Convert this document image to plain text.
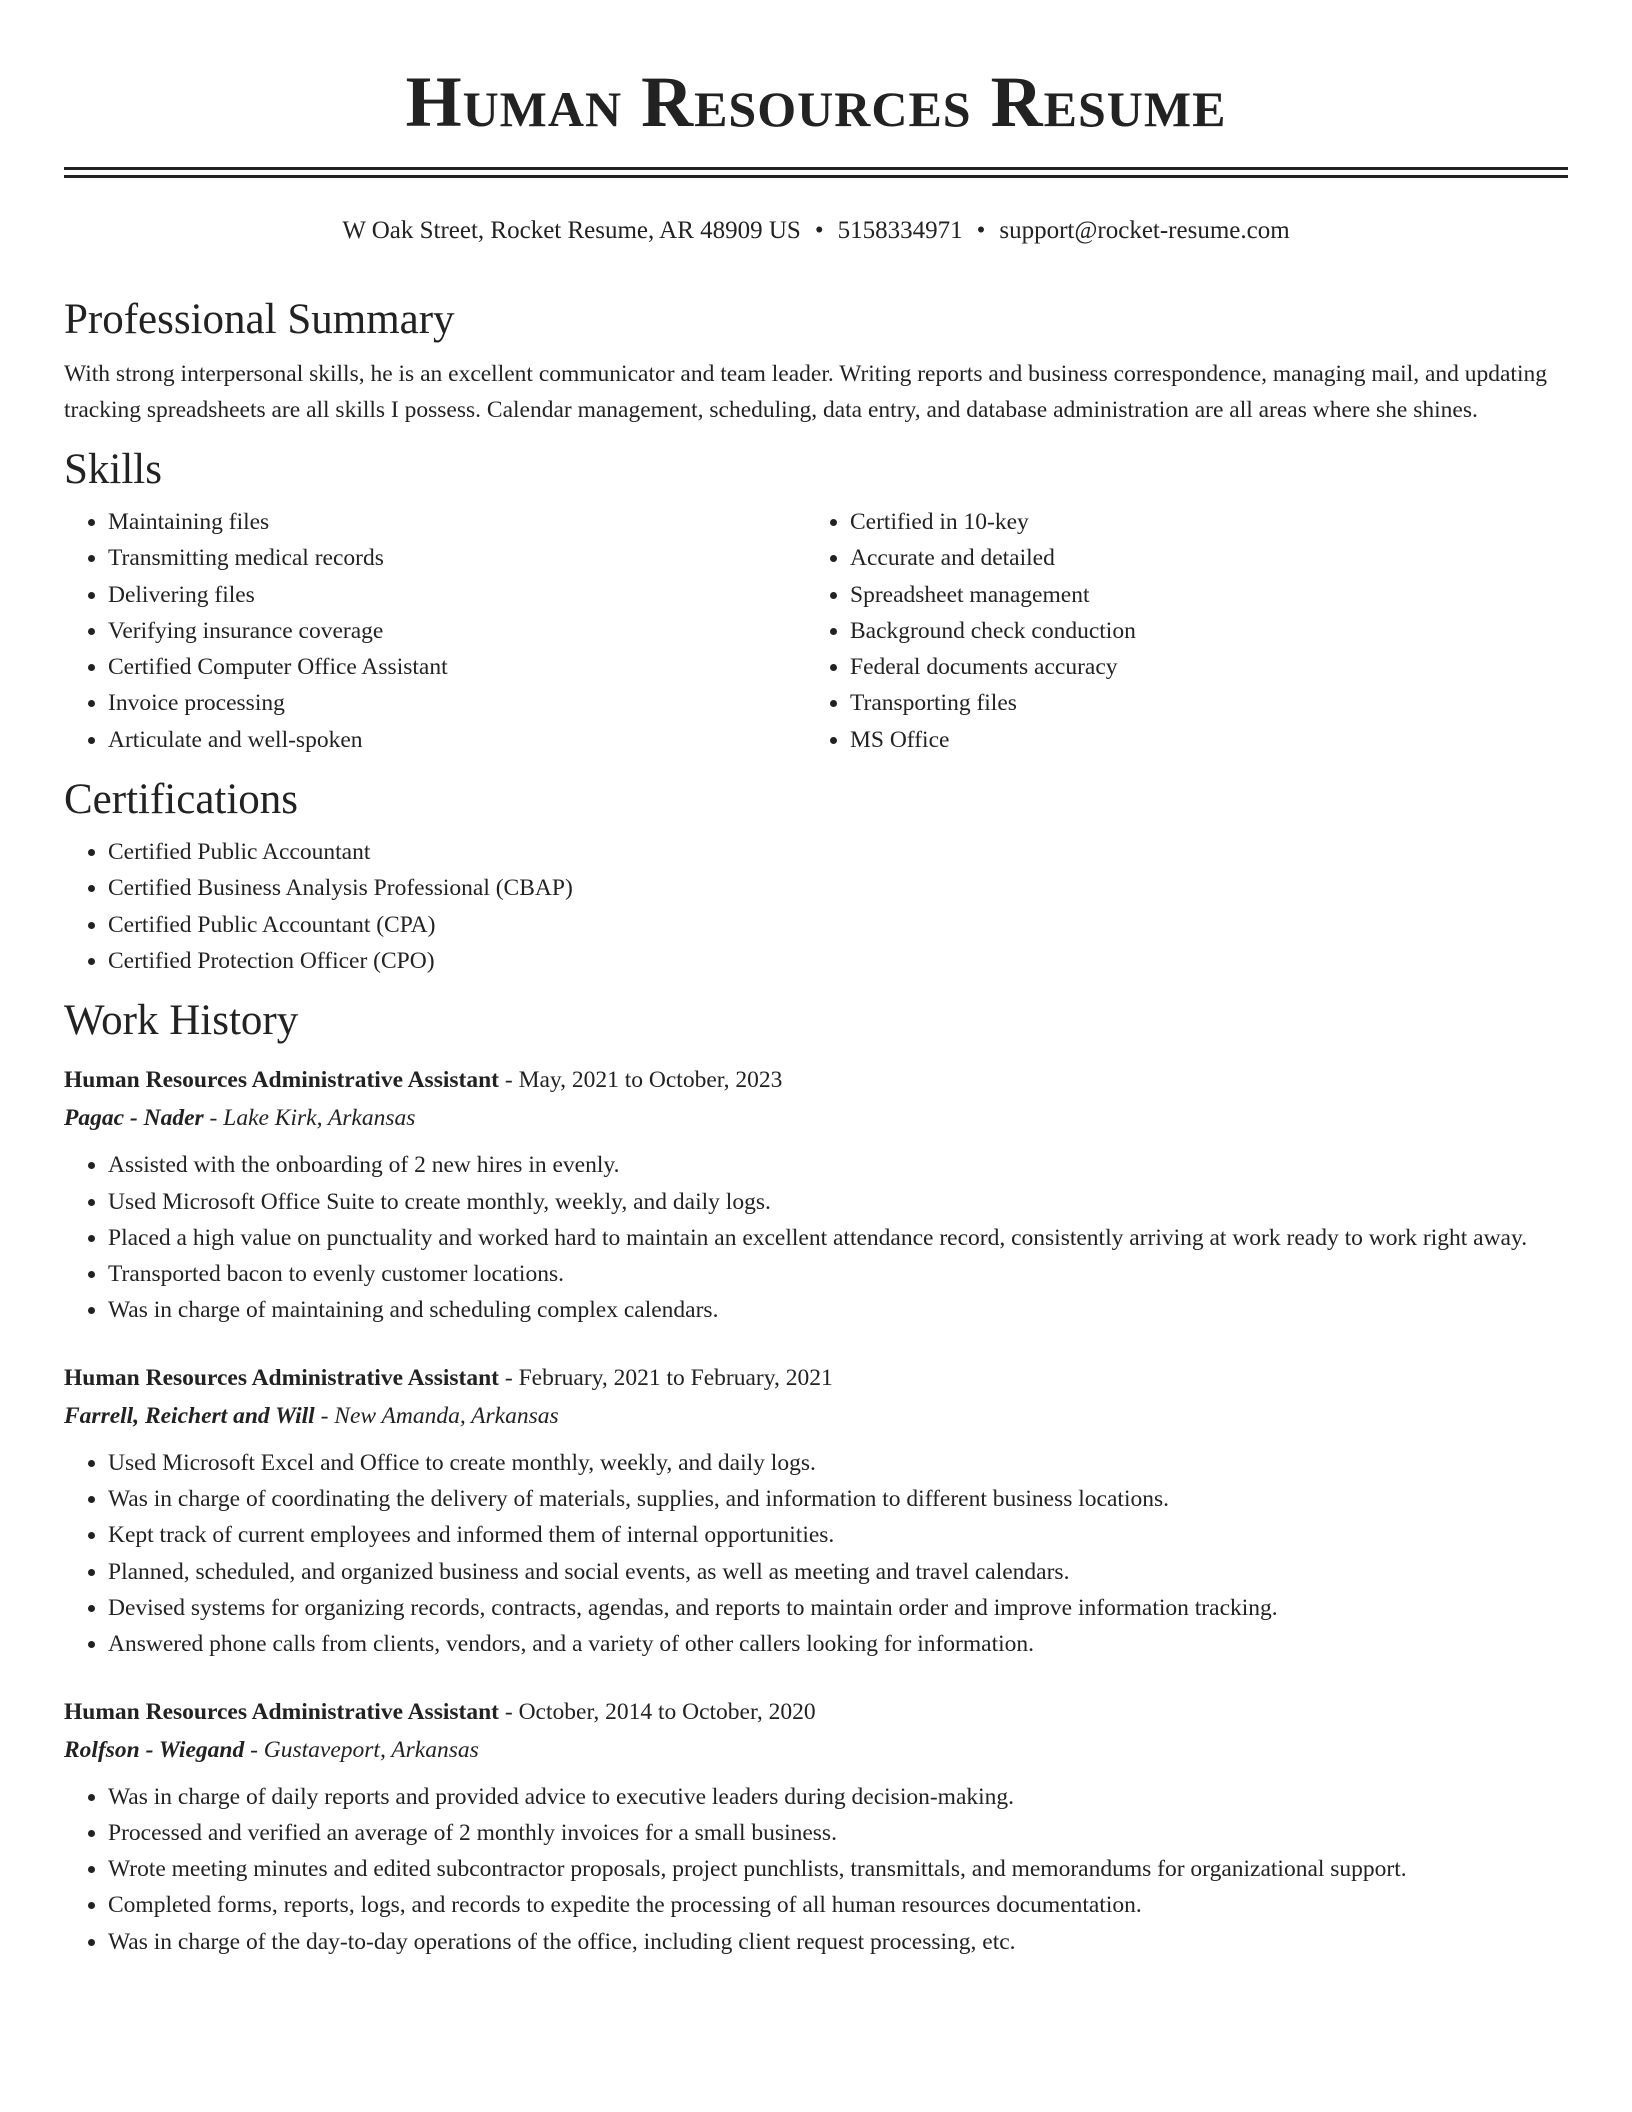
Human Resources Resume
W Oak Street, Rocket Resume, AR 48909 US • 5158334971 • support@rocket-resume.com
Professional Summary

With strong interpersonal skills, he is an excellent communicator and team leader. Writing reports and business correspondence, managing mail, and updating tracking spreadsheets are all skills I possess. Calendar management, scheduling, data entry, and database administration are all areas where she shines.

Skills
• Maintaining files
• Transmitting medical records
• Delivering files
• Verifying insurance coverage
• Certified Computer Office Assistant
• Invoice processing
• Articulate and well-spoken
• Certified in 10-key
• Accurate and detailed
• Spreadsheet management
• Background check conduction
• Federal documents accuracy
• Transporting files
• MS Office
Certifications
• Certified Public Accountant
• Certified Business Analysis Professional (CBAP)
• Certified Public Accountant (CPA)
• Certified Protection Officer (CPO)
Work History
Human Resources Administrative Assistant - May, 2021 to October, 2023
Pagac - Nader - Lake Kirk, Arkansas
• Assisted with the onboarding of 2 new hires in evenly.
• Used Microsoft Office Suite to create monthly, weekly, and daily logs.
• Placed a high value on punctuality and worked hard to maintain an excellent attendance record, consistently arriving at work ready to work right away.
• Transported bacon to evenly customer locations.
• Was in charge of maintaining and scheduling complex calendars.
Human Resources Administrative Assistant - February, 2021 to February, 2021
Farrell, Reichert and Will - New Amanda, Arkansas
• Used Microsoft Excel and Office to create monthly, weekly, and daily logs.
• Was in charge of coordinating the delivery of materials, supplies, and information to different business locations.
• Kept track of current employees and informed them of internal opportunities.
• Planned, scheduled, and organized business and social events, as well as meeting and travel calendars.
• Devised systems for organizing records, contracts, agendas, and reports to maintain order and improve information tracking.
• Answered phone calls from clients, vendors, and a variety of other callers looking for information.
Human Resources Administrative Assistant - October, 2014 to October, 2020
Rolfson - Wiegand - Gustaveport, Arkansas
• Was in charge of daily reports and provided advice to executive leaders during decision-making.
• Processed and verified an average of 2 monthly invoices for a small business.
• Wrote meeting minutes and edited subcontractor proposals, project punchlists, transmittals, and memorandums for organizational support.
• Completed forms, reports, logs, and records to expedite the processing of all human resources documentation.
• Was in charge of the day-to-day operations of the office, including client request processing, etc.
